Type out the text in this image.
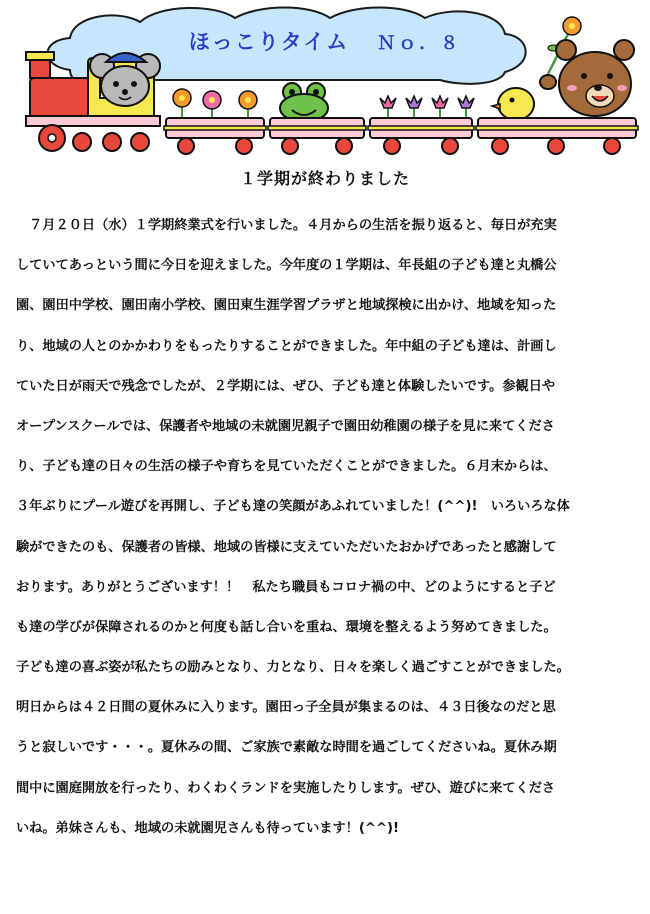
ほっこりタイム Ｎｏ．８
１学期が終わりました
　７月２０日（水）１学期終業式を行いました。４月からの生活を振り返ると、毎日が充実
していてあっという間に今日を迎えました。今年度の１学期は、年長組の子ども達と丸橋公
園、園田中学校、園田南小学校、園田東生涯学習プラザと地域探検に出かけ、地域を知った
り、地域の人とのかかわりをもったりすることができました。年中組の子ども達は、計画し
ていた日が雨天で残念でしたが、２学期には、ぜひ、子ども達と体験したいです。参観日や
オープンスクールでは、保護者や地域の未就園児親子で園田幼稚園の様子を見に来てくださ
り、子ども達の日々の生活の様子や育ちを見ていただくことができました。６月末からは、
３年ぶりにプール遊びを再開し、子ども達の笑顔があふれていました！(^^)!　いろいろな体
験ができたのも、保護者の皆様、地域の皆様に支えていただいたおかげであったと感謝して
おります。ありがとうございます！！　私たち職員もコロナ禍の中、どのようにすると子ど
も達の学びが保障されるのかと何度も話し合いを重ね、環境を整えるよう努めてきました。
子ども達の喜ぶ姿が私たちの励みとなり、力となり、日々を楽しく過ごすことができました。
明日からは４２日間の夏休みに入ります。園田っ子全員が集まるのは、４３日後なのだと思
うと寂しいです・・・。夏休みの間、ご家族で素敵な時間を過ごしてくださいね。夏休み期
間中に園庭開放を行ったり、わくわくランドを実施したりします。ぜひ、遊びに来てくださ
いね。弟妹さんも、地域の未就園児さんも待っています！(^^)!
